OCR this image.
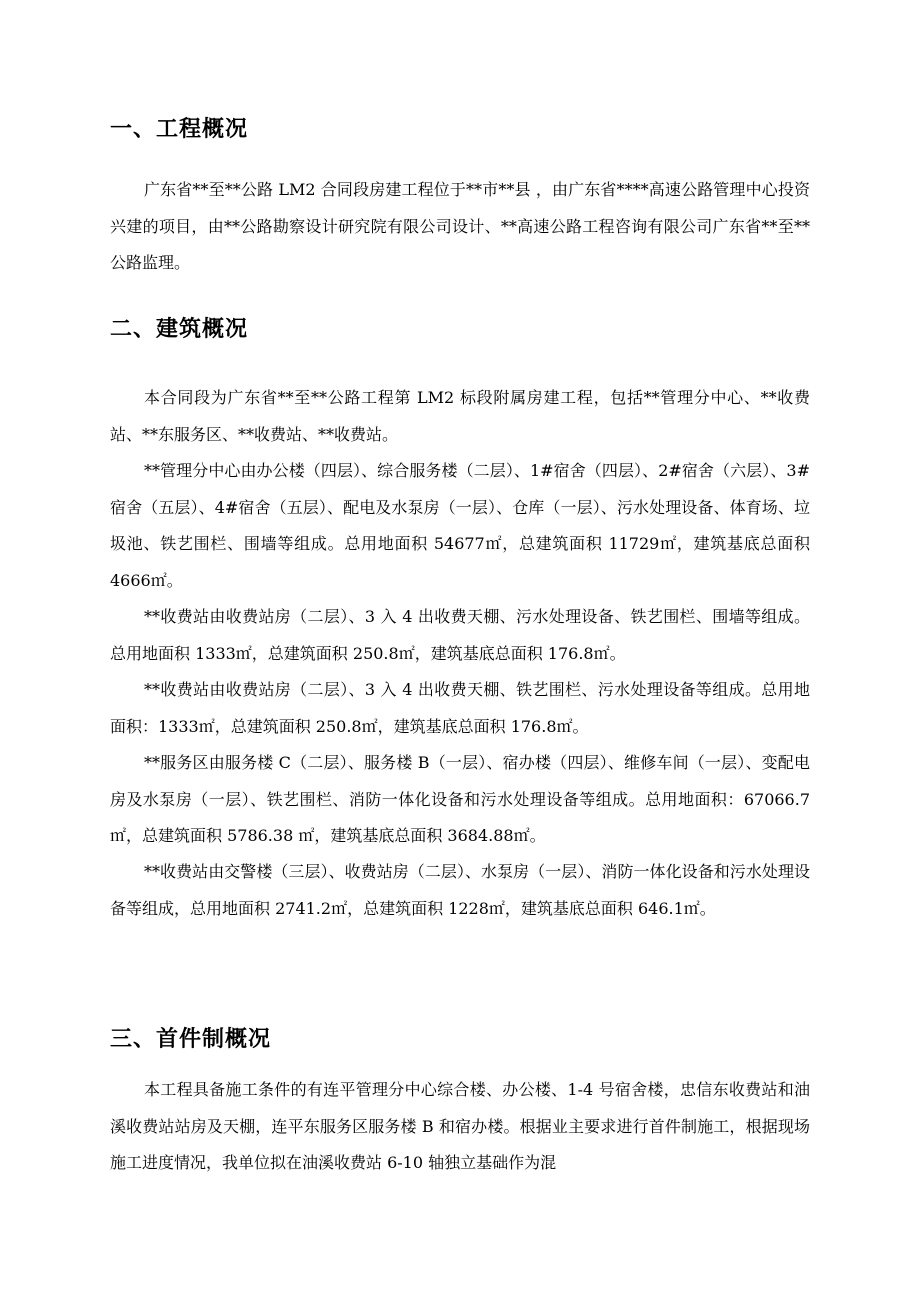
一、工程概况

广东省**至**公路 LM2 合同段房建工程位于**市**县 ，由广东省****高速公路管理中心投资兴建的项目，由**公路勘察设计研究院有限公司设计、**高速公路工程咨询有限公司广东省**至**公路监理。

二、建筑概况

本合同段为广东省**至**公路工程第 LM2 标段附属房建工程，包括**管理分中心、**收费站、**东服务区、**收费站、**收费站。

**管理分中心由办公楼（四层）、综合服务楼（二层）、1#宿舍（四层）、2#宿舍（六层）、3#宿舍（五层）、4#宿舍（五层）、配电及水泵房（一层）、仓库（一层）、污水处理设备、体育场、垃圾池、铁艺围栏、围墙等组成。总用地面积 54677㎡，总建筑面积 11729㎡，建筑基底总面积 4666㎡。

**收费站由收费站房（二层）、3 入 4 出收费天棚、污水处理设备、铁艺围栏、围墙等组成。总用地面积 1333㎡，总建筑面积 250.8㎡，建筑基底总面积 176.8㎡。

**收费站由收费站房（二层）、3 入 4 出收费天棚、铁艺围栏、污水处理设备等组成。总用地面积：1333㎡，总建筑面积 250.8㎡，建筑基底总面积 176.8㎡。

**服务区由服务楼 C（二层）、服务楼 B（一层）、宿办楼（四层）、维修车间（一层）、变配电房及水泵房（一层）、铁艺围栏、消防一体化设备和污水处理设备等组成。总用地面积：67066.7 ㎡，总建筑面积 5786.38 ㎡，建筑基底总面积 3684.88㎡。

**收费站由交警楼（三层）、收费站房（二层）、水泵房（一层）、消防一体化设备和污水处理设备等组成，总用地面积 2741.2㎡，总建筑面积 1228㎡，建筑基底总面积 646.1㎡。

三、首件制概况

本工程具备施工条件的有连平管理分中心综合楼、办公楼、1-4 号宿舍楼，忠信东收费站和油溪收费站站房及天棚，连平东服务区服务楼 B 和宿办楼。根据业主要求进行首件制施工，根据现场施工进度情况，我单位拟在油溪收费站 6-10 轴独立基础作为混
